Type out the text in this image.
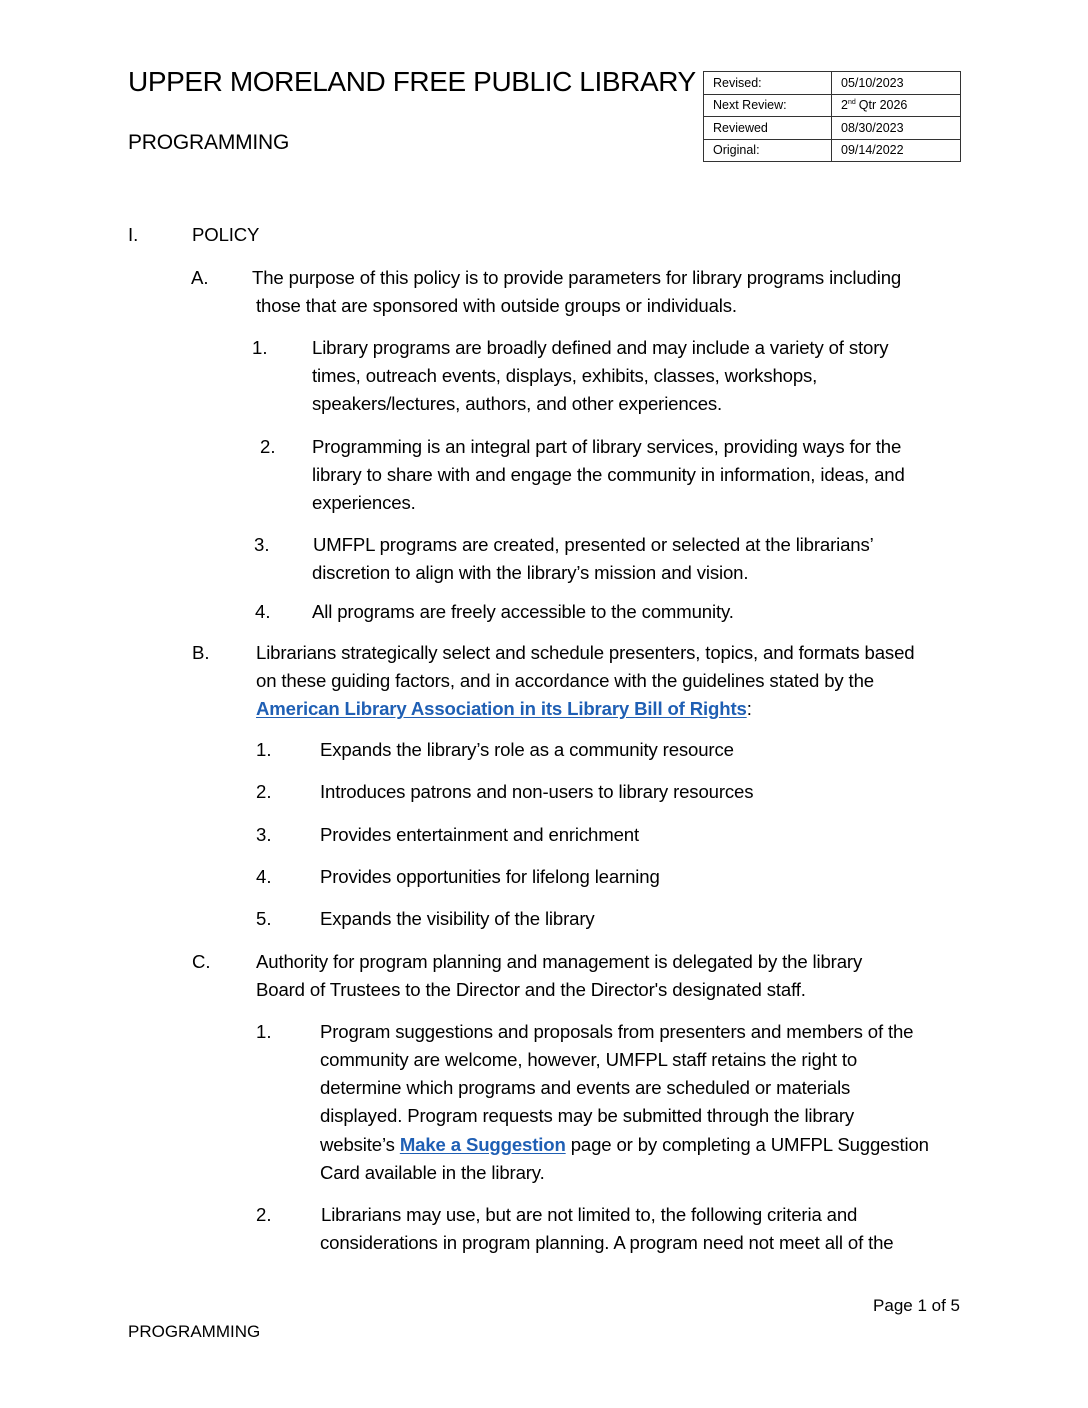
UPPER MORELAND FREE PUBLIC LIBRARY
PROGRAMMING
Revised:	05/10/2023
Next Review:	2nd Qtr 2026
Reviewed	08/30/2023
Original:	09/14/2022
I.	POLICY
A. The purpose of this policy is to provide parameters for library programs including
those that are sponsored with outside groups or individuals.
1. Library programs are broadly defined and may include a variety of story
times, outreach events, displays, exhibits, classes, workshops,
speakers/lectures, authors, and other experiences.
2. Programming is an integral part of library services, providing ways for the
library to share with and engage the community in information, ideas, and
experiences.
3. UMFPL programs are created, presented or selected at the librarians’
discretion to align with the library’s mission and vision.
4. All programs are freely accessible to the community.
B. Librarians strategically select and schedule presenters, topics, and formats based
on these guiding factors, and in accordance with the guidelines stated by the
American Library Association in its Library Bill of Rights:
1.	Expands the library’s role as a community resource
2.	Introduces patrons and non-users to library resources
3.	Provides entertainment and enrichment
4.	Provides opportunities for lifelong learning
5.	Expands the visibility of the library
C. Authority for program planning and management is delegated by the library
Board of Trustees to the Director and the Director's designated staff.
1.	Program suggestions and proposals from presenters and members of the
community are welcome, however, UMFPL staff retains the right to
determine which programs and events are scheduled or materials
displayed. Program requests may be submitted through the library
website’s Make a Suggestion page or by completing a UMFPL Suggestion
Card available in the library.
2.	Librarians may use, but are not limited to, the following criteria and
considerations in program planning. A program need not meet all of the
Page 1 of 5
PROGRAMMING
